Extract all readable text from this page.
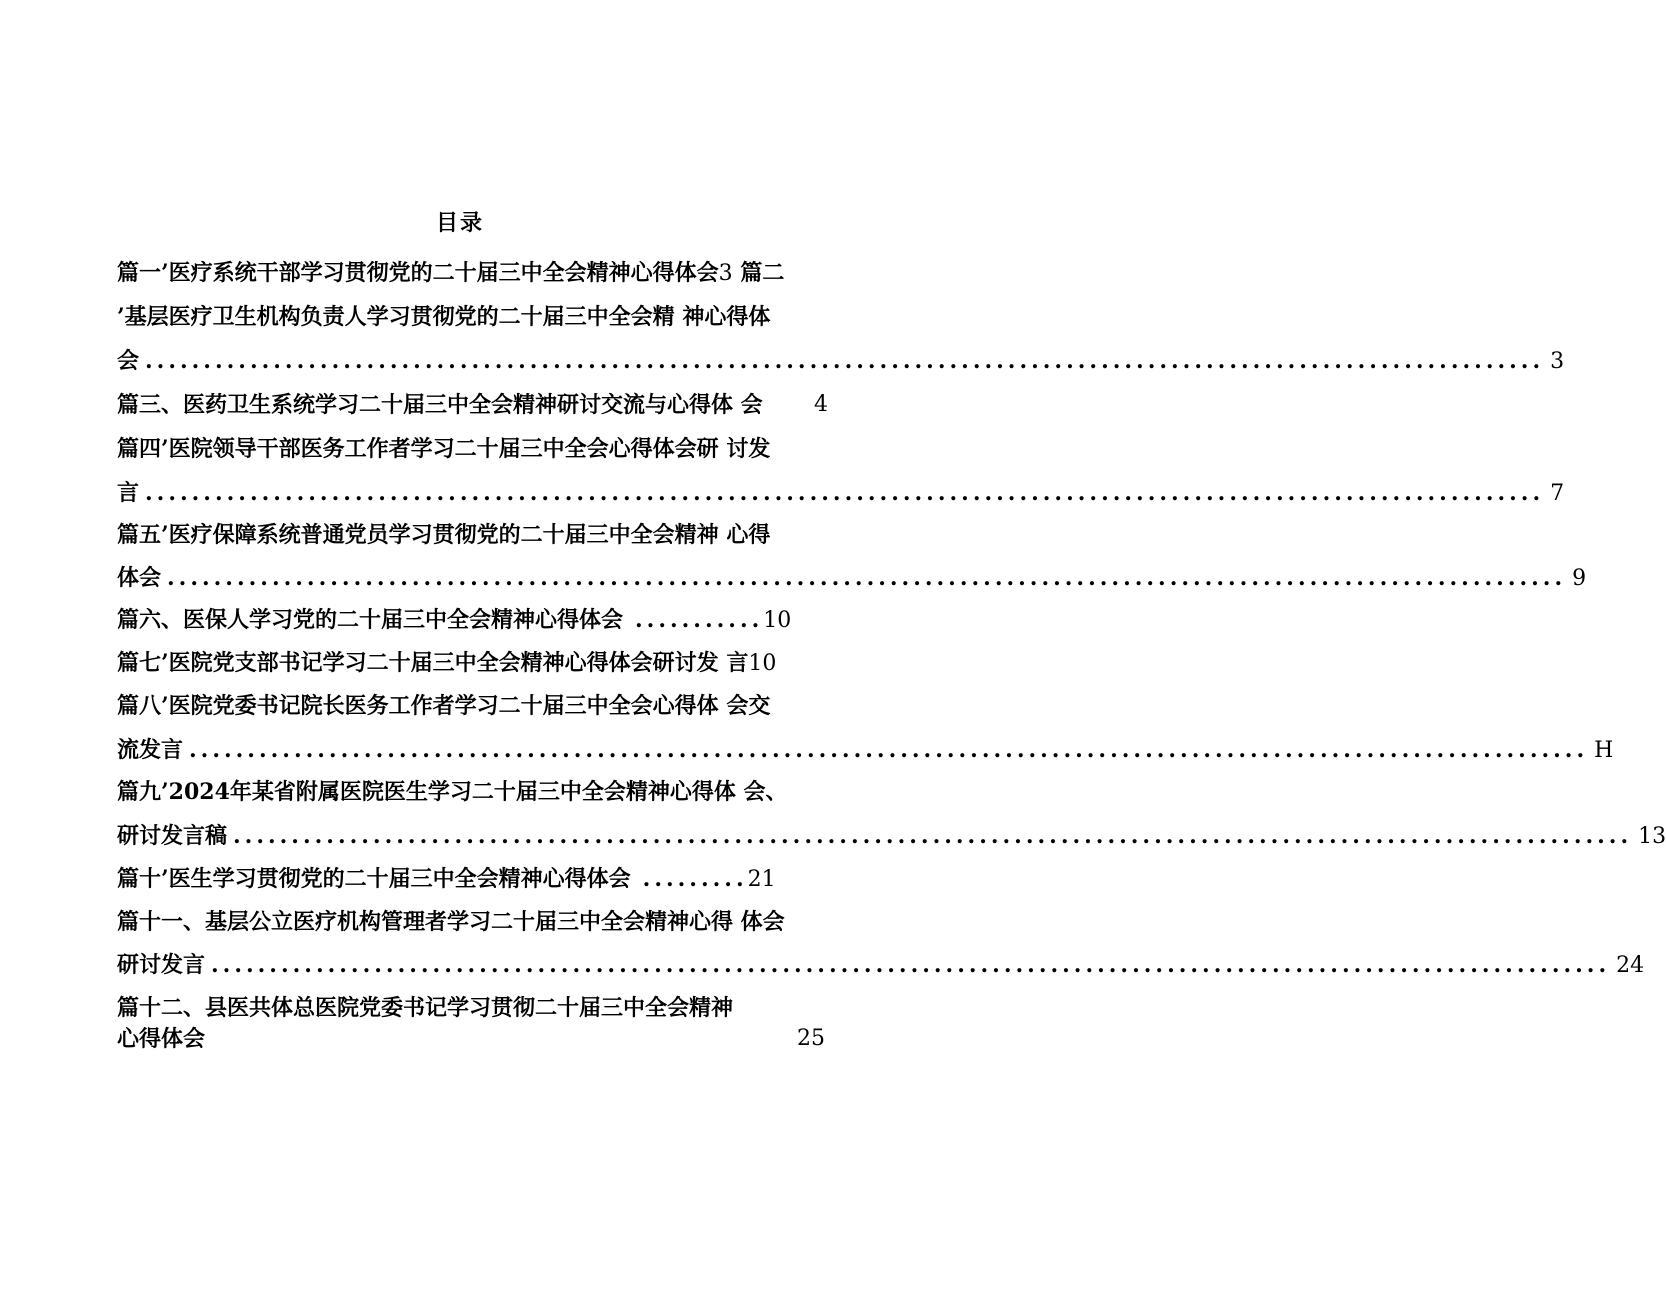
目录
篇一’医疗系统干部学习贯彻党的二十届三中全会精神心得体会3 篇二
’基层医疗卫生机构负责人学习贯彻党的二十届三中全会精 神心得体
会 ........................................................................................................................ 3
篇三、医药卫生系统学习二十届三中全会精神研讨交流与心得体 会	4
篇四’医院领导干部医务工作者学习二十届三中全会心得体会研 讨发
言 ........................................................................................................................ 7
篇五’医疗保障系统普通党员学习贯彻党的二十届三中全会精神 心得
体会 ........................................................................................................................ 9
篇六、医保人学习党的二十届三中全会精神心得体会 ...........10
篇七’医院党支部书记学习二十届三中全会精神心得体会研讨发 言10
篇八’医院党委书记院长医务工作者学习二十届三中全会心得体 会交
流发言 ........................................................................................................................ H
篇九’2024年某省附属医院医生学习二十届三中全会精神心得体 会、
研讨发言稿 ........................................................................................................................ 13
篇十’医生学习贯彻党的二十届三中全会精神心得体会 .........21
篇十一、基层公立医疗机构管理者学习二十届三中全会精神心得 体会
研讨发言 ........................................................................................................................ 24
篇十二、县医共体总医院党委书记学习贯彻二十届三中全会精神
心得体会	25
